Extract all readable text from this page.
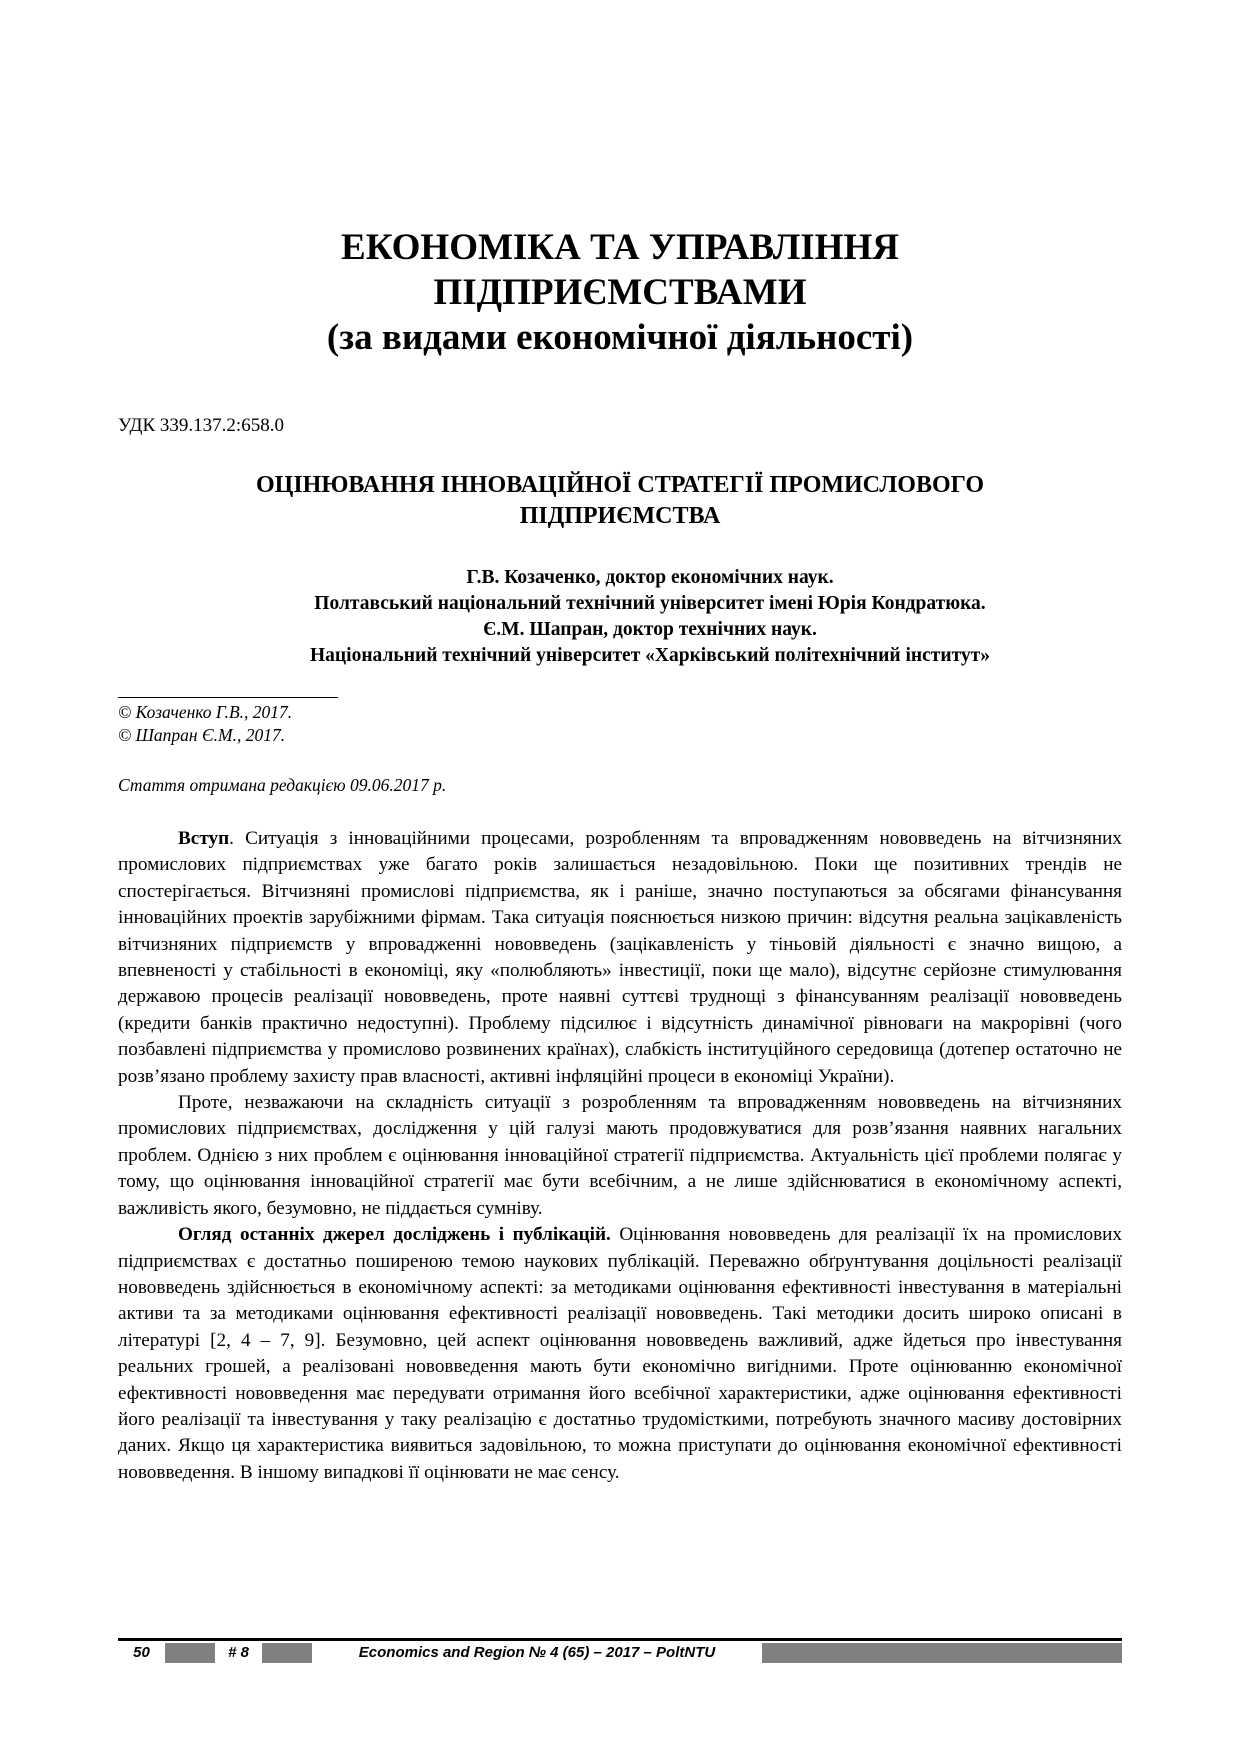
ЕКОНОМІКА ТА УПРАВЛІННЯ
ПІДПРИЄМСТВАМИ
(за видами економічної діяльності)
УДК 339.137.2:658.0
ОЦІНЮВАННЯ ІННОВАЦІЙНОЇ СТРАТЕГІЇ ПРОМИСЛОВОГО
ПІДПРИЄМСТВА
Г.В. Козаченко, доктор економічних наук.
Полтавський національний технічний університет імені Юрія Кондратюка.
Є.М. Шапран, доктор технічних наук.
Національний технічний університет «Харківський політехнічний інститут»
© Козаченко Г.В., 2017.
© Шапран Є.М., 2017.
Стаття отримана редакцією 09.06.2017 р.

Вступ. Ситуація з інноваційними процесами, розробленням та впровадженням нововведень на вітчизняних промислових підприємствах уже багато років залишається незадовільною. Поки ще позитивних трендів не спостерігається. Вітчизняні промислові підприємства, як і раніше, значно поступаються за обсягами фінансування інноваційних проектів зарубіжними фірмам. Така ситуація пояснюється низкою причин: відсутня реальна зацікавленість вітчизняних підприємств у впровадженні нововведень (зацікавленість у тіньовій діяльності є значно вищою, а впевненості у стабільності в економіці, яку «полюбляють» інвестиції, поки ще мало), відсутнє серйозне стимулювання державою процесів реалізації нововведень, проте наявні суттєві труднощі з фінансуванням реалізації нововведень (кредити банків практично недоступні). Проблему підсилює і відсутність динамічної рівноваги на макрорівні (чого позбавлені підприємства у промислово розвинених країнах), слабкість інституційного середовища (дотепер остаточно не розв’язано проблему захисту прав власності, активні інфляційні процеси в економіці України).

Проте, незважаючи на складність ситуації з розробленням та впровадженням нововведень на вітчизняних промислових підприємствах, дослідження у цій галузі мають продовжуватися для розв’язання наявних нагальних проблем. Однією з них проблем є оцінювання інноваційної стратегії підприємства. Актуальність цієї проблеми полягає у тому, що оцінювання інноваційної стратегії має бути всебічним, а не лише здійснюватися в економічному аспекті, важливість якого, безумовно, не піддається сумніву.

Огляд останніх джерел досліджень і публікацій. Оцінювання нововведень для реалізації їх на промислових підприємствах є достатньо поширеною темою наукових публікацій. Переважно обґрунтування доцільності реалізації нововведень здійснюється в економічному аспекті: за методиками оцінювання ефективності інвестування в матеріальні активи та за методиками оцінювання ефективності реалізації нововведень. Такі методики досить широко описані в літературі [2, 4 – 7, 9]. Безумовно, цей аспект оцінювання нововведень важливий, адже йдеться про інвестування реальних грошей, а реалізовані нововведення мають бути економічно вигідними. Проте оцінюванню економічної ефективності нововведення має передувати отримання його всебічної характеристики, адже оцінювання ефективності його реалізації та інвестування у таку реалізацію є достатньо трудомісткими, потребують значного масиву достовірних даних. Якщо ця характеристика виявиться задовільною, то можна приступати до оцінювання економічної ефективності нововведення. В іншому випадкові її оцінювати не має сенсу.

50	# 8	Economics and Region № 4 (65) – 2017 – PoltNTU
